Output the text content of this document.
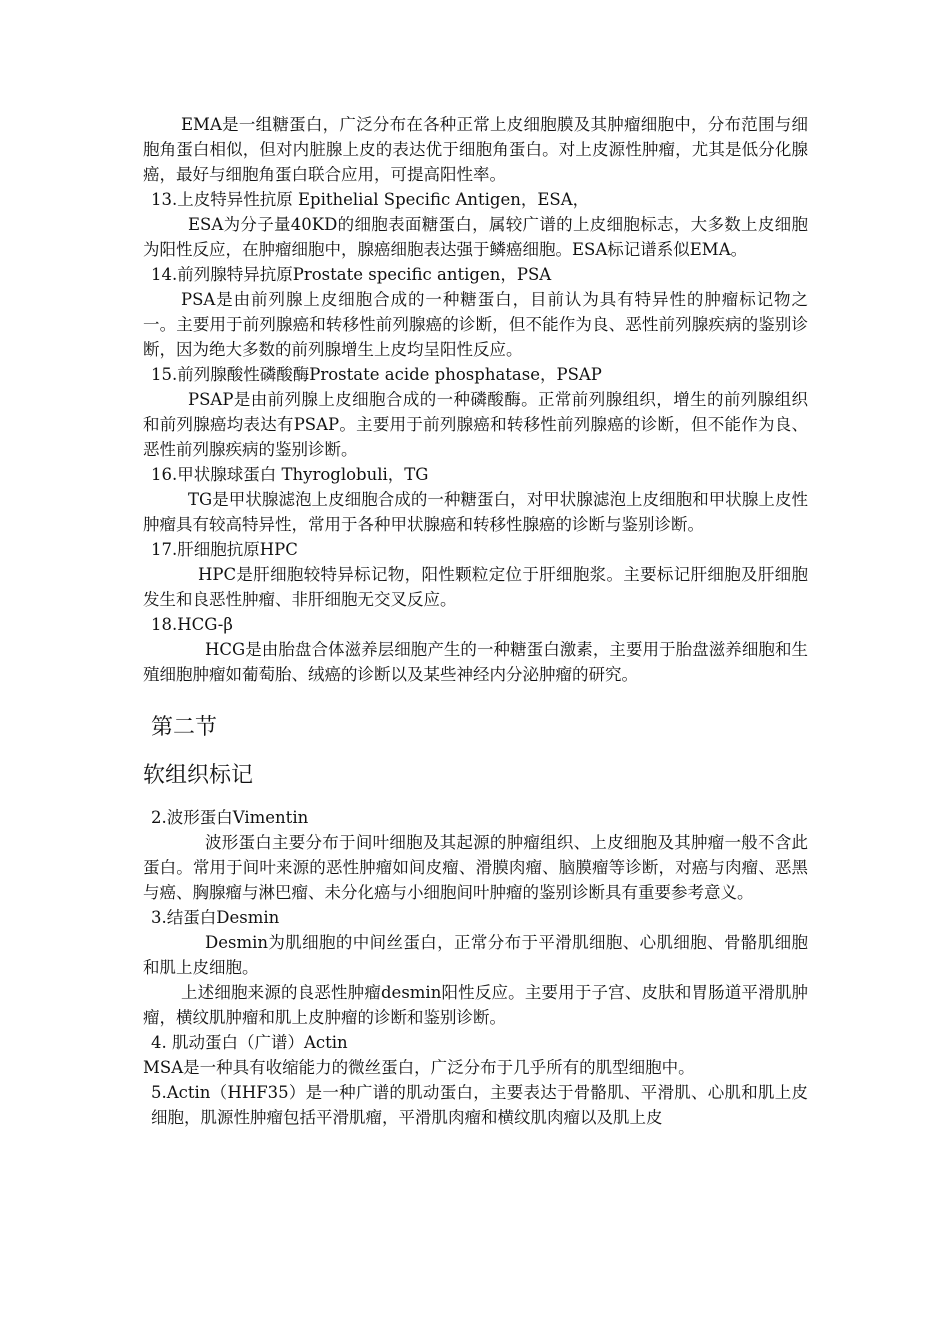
EMA是一组糖蛋白，广泛分布在各种正常上皮细胞膜及其肿瘤细胞中，分布范围与细胞角蛋白相似，但对内脏腺上皮的表达优于细胞角蛋白。对上皮源性肿瘤，尤其是低分化腺癌，最好与细胞角蛋白联合应用，可提高阳性率。

13.上皮特异性抗原 Epithelial Specific Antigen，ESA，

ESA为分子量40KD的细胞表面糖蛋白，属较广谱的上皮细胞标志，大多数上皮细胞为阳性反应，在肿瘤细胞中，腺癌细胞表达强于鳞癌细胞。ESA标记谱系似EMA。

14.前列腺特异抗原Prostate specific antigen，PSA

PSA是由前列腺上皮细胞合成的一种糖蛋白，目前认为具有特异性的肿瘤标记物之一。主要用于前列腺癌和转移性前列腺癌的诊断，但不能作为良、恶性前列腺疾病的鉴别诊断，因为绝大多数的前列腺增生上皮均呈阳性反应。

15.前列腺酸性磷酸酶Prostate acide phosphatase，PSAP

PSAP是由前列腺上皮细胞合成的一种磷酸酶。正常前列腺组织，增生的前列腺组织和前列腺癌均表达有PSAP。主要用于前列腺癌和转移性前列腺癌的诊断，但不能作为良、恶性前列腺疾病的鉴别诊断。

16.甲状腺球蛋白 Thyroglobuli，TG

TG是甲状腺滤泡上皮细胞合成的一种糖蛋白，对甲状腺滤泡上皮细胞和甲状腺上皮性肿瘤具有较高特异性，常用于各种甲状腺癌和转移性腺癌的诊断与鉴别诊断。

17.肝细胞抗原HPC

HPC是肝细胞较特异标记物，阳性颗粒定位于肝细胞浆。主要标记肝细胞及肝细胞发生和良恶性肿瘤、非肝细胞无交叉反应。

18.HCG-β

HCG是由胎盘合体滋养层细胞产生的一种糖蛋白激素，主要用于胎盘滋养细胞和生殖细胞肿瘤如葡萄胎、绒癌的诊断以及某些神经内分泌肿瘤的研究。

第二节
软组织标记

2.波形蛋白Vimentin

波形蛋白主要分布于间叶细胞及其起源的肿瘤组织、上皮细胞及其肿瘤一般不含此蛋白。常用于间叶来源的恶性肿瘤如间皮瘤、滑膜肉瘤、脑膜瘤等诊断，对癌与肉瘤、恶黑与癌、胸腺瘤与淋巴瘤、未分化癌与小细胞间叶肿瘤的鉴别诊断具有重要参考意义。

3.结蛋白Desmin

Desmin为肌细胞的中间丝蛋白，正常分布于平滑肌细胞、心肌细胞、骨骼肌细胞和肌上皮细胞。

上述细胞来源的良恶性肿瘤desmin阳性反应。主要用于子宫、皮肤和胃肠道平滑肌肿瘤，横纹肌肿瘤和肌上皮肿瘤的诊断和鉴别诊断。

4. 肌动蛋白（广谱）Actin

MSA是一种具有收缩能力的微丝蛋白，广泛分布于几乎所有的肌型细胞中。

5.Actin（HHF35）是一种广谱的肌动蛋白，主要表达于骨骼肌、平滑肌、心肌和肌上皮细胞，肌源性肿瘤包括平滑肌瘤，平滑肌肉瘤和横纹肌肉瘤以及肌上皮
